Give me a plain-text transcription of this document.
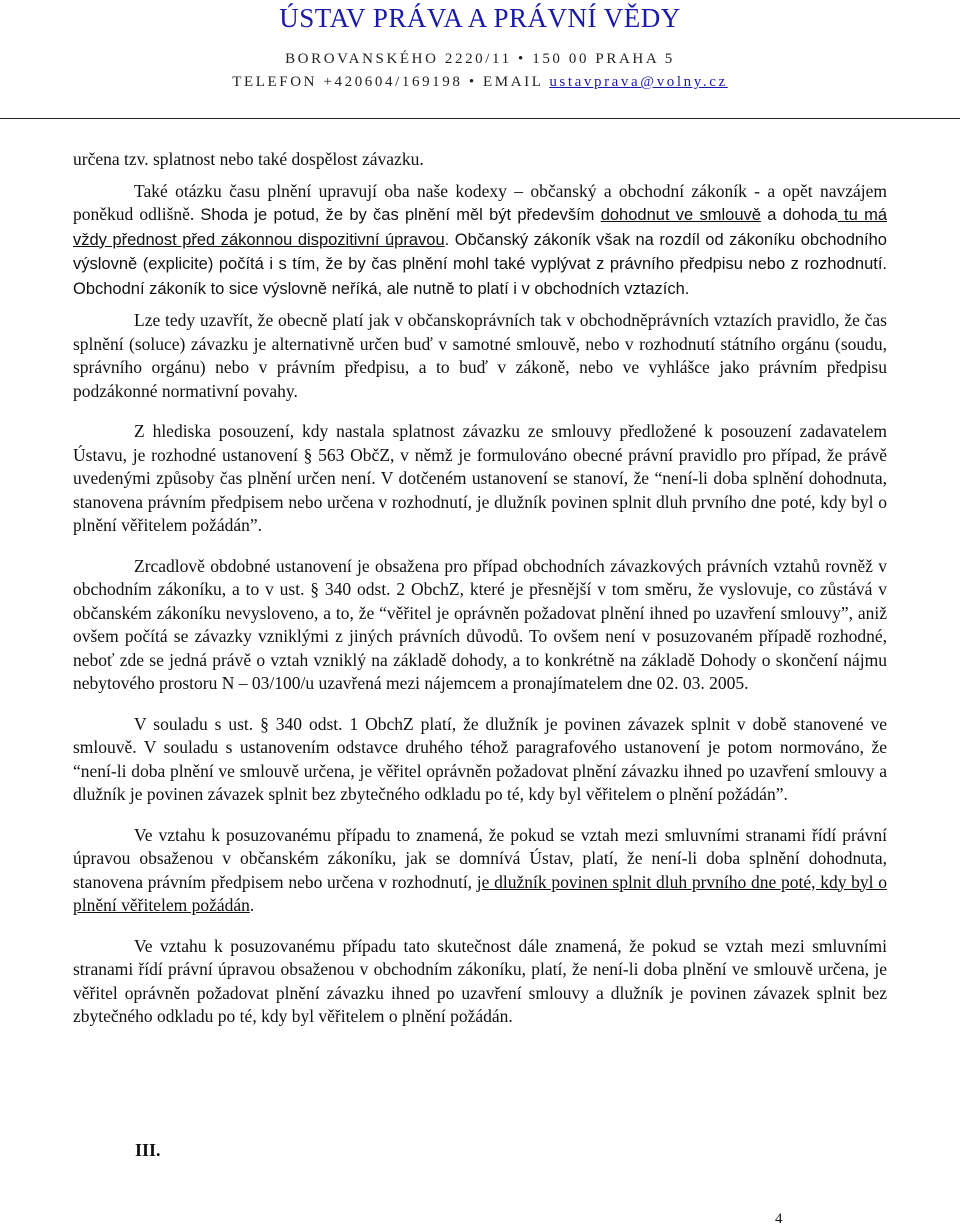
ÚSTAV PRÁVA A PRÁVNÍ VĚDY
BOROVANSKÉHO 2220/11 • 150 00 PRAHA 5
TELEFON +420604/169198 • EMAIL ustavprava@volny.cz

určena tzv. splatnost nebo také dospělost závazku.

Také otázku času plnění upravují oba naše kodexy – občanský a obchodní zákoník - a opět navzájem poněkud odlišně. Shoda je potud, že by čas plnění měl být především dohodnut ve smlouvě a dohoda tu má vždy přednost před zákonnou dispozitivní úpravou. Občanský zákoník však na rozdíl od zákoníku obchodního výslovně (explicite) počítá i s tím, že by čas plnění mohl také vyplývat z právního předpisu nebo z rozhodnutí. Obchodní zákoník to sice výslovně neříká, ale nutně to platí i v obchodních vztazích.

Lze tedy uzavřít, že obecně platí jak v občanskoprávních tak v obchodněprávních vztazích pravidlo, že čas splnění (soluce) závazku je alternativně určen buď v samotné smlouvě, nebo v rozhodnutí státního orgánu (soudu, správního orgánu) nebo v právním předpisu, a to buď v zákoně, nebo ve vyhlášce jako právním předpisu podzákonné normativní povahy.

Z hlediska posouzení, kdy nastala splatnost závazku ze smlouvy předložené k posouzení zadavatelem Ústavu, je rozhodné ustanovení § 563 ObčZ, v němž je formulováno obecné právní pravidlo pro případ, že právě uvedenými způsoby čas plnění určen není. V dotčeném ustanovení se stanoví, že “není-li doba splnění dohodnuta, stanovena právním předpisem nebo určena v rozhodnutí, je dlužník povinen splnit dluh prvního dne poté, kdy byl o plnění věřitelem požádán”.

Zrcadlově obdobné ustanovení je obsažena pro případ obchodních závazkových právních vztahů rovněž v obchodním zákoníku, a to v ust. § 340 odst. 2 ObchZ, které je přesnější v tom směru, že vyslovuje, co zůstává v občanském zákoníku nevysloveno, a to, že “věřitel je oprávněn požadovat plnění ihned po uzavření smlouvy”, aniž ovšem počítá se závazky vzniklými z jiných právních důvodů. To ovšem není v posuzovaném případě rozhodné, neboť zde se jedná právě o vztah vzniklý na základě dohody, a to konkrétně na základě Dohody o skončení nájmu nebytového prostoru N – 03/100/u uzavřená mezi nájemcem a pronajímatelem dne 02. 03. 2005.

V souladu s ust. § 340 odst. 1 ObchZ platí, že dlužník je povinen závazek splnit v době stanovené ve smlouvě. V souladu s ustanovením odstavce druhého téhož paragrafového ustanovení je potom normováno, že “není-li doba plnění ve smlouvě určena, je věřitel oprávněn požadovat plnění závazku ihned po uzavření smlouvy a dlužník je povinen závazek splnit bez zbytečného odkladu po té, kdy byl věřitelem o plnění požádán”.

Ve vztahu k posuzovanému případu to znamená, že pokud se vztah mezi smluvními stranami řídí právní úpravou obsaženou v občanském zákoníku, jak se domnívá Ústav, platí, že není-li doba splnění dohodnuta, stanovena právním předpisem nebo určena v rozhodnutí, je dlužník povinen splnit dluh prvního dne poté, kdy byl o plnění věřitelem požádán.

Ve vztahu k posuzovanému případu tato skutečnost dále znamená, že pokud se vztah mezi smluvními stranami řídí právní úpravou obsaženou v obchodním zákoníku, platí, že není-li doba plnění ve smlouvě určena, je věřitel oprávněn požadovat plnění závazku ihned po uzavření smlouvy a dlužník je povinen závazek splnit bez zbytečného odkladu po té, kdy byl věřitelem o plnění požádán.

III.
4
